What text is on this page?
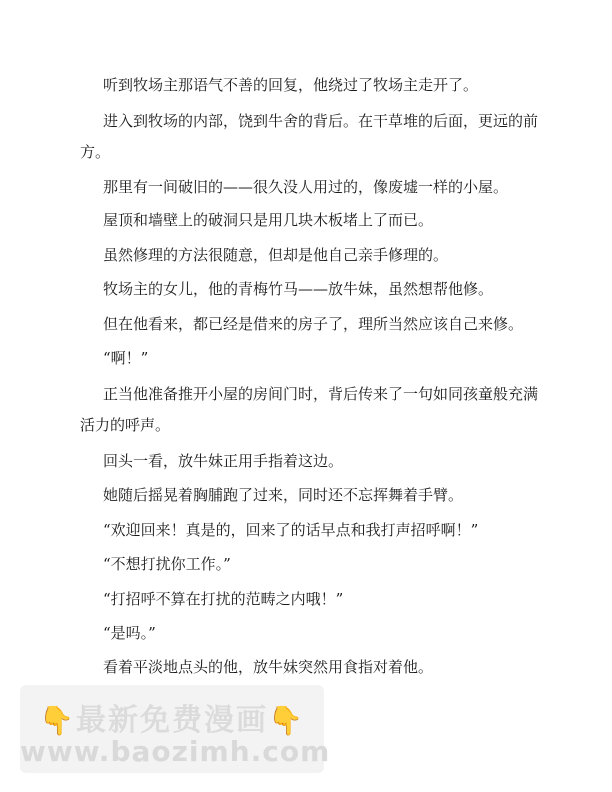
听到牧场主那语气不善的回复，他绕过了牧场主走开了。

进入到牧场的内部，饶到牛舍的背后。在干草堆的后面，更远的前
方。

那里有一间破旧的——很久没人用过的，像废墟一样的小屋。

屋顶和墙壁上的破洞只是用几块木板堵上了而已。

虽然修理的方法很随意，但却是他自己亲手修理的。

牧场主的女儿，他的青梅竹马——放牛妹，虽然想帮他修。

但在他看来，都已经是借来的房子了，理所当然应该自己来修。

“啊！”

正当他准备推开小屋的房间门时，背后传来了一句如同孩童般充满
活力的呼声。

回头一看，放牛妹正用手指着这边。

她随后摇晃着胸脯跑了过来，同时还不忘挥舞着手臂。

“欢迎回来！真是的，回来了的话早点和我打声招呼啊！”

“不想打扰你工作。”

“打招呼不算在打扰的范畴之内哦！”

“是吗。”

看着平淡地点头的他，放牛妹突然用食指对着他。

👇最新免费漫画👇
www.baozimh.com
